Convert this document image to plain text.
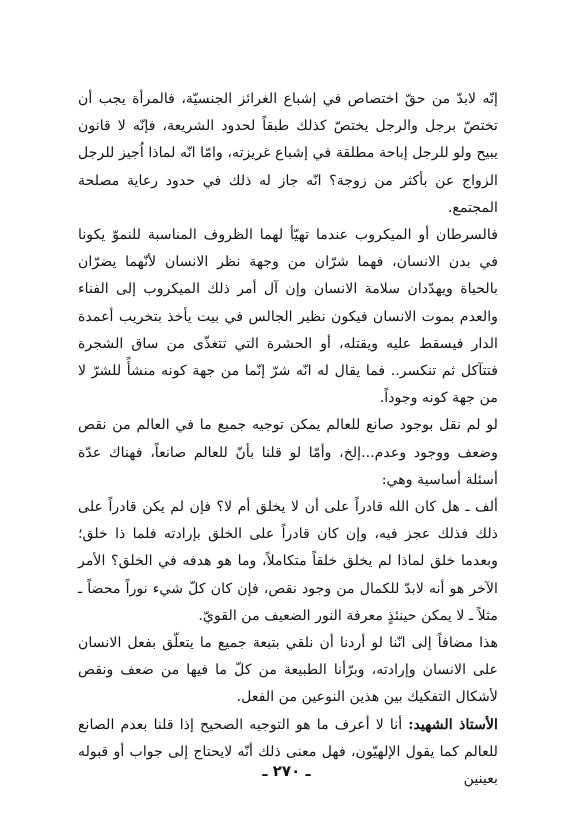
إنّه لابدّ من حقّ اختصاص في إشباع الغرائز الجنسيّة، فالمرأة يجب أن تختصّ برجل والرجل يختصّ كذلك طبقاً لحدود الشريعة، فإنّه لا قانون يبيح ولو للرجل إباحة مطلقة في إشباع غريزته، وامّا انّه لماذا اُجيز للرجل الزواج عن بأكثر من زوجة؟ انّه جاز له ذلك في حدود رعاية مصلحة المجتمع.

فالسرطان أو الميكروب عندما تهيّأ لهما الظروف المناسبة للنموّ يكونا في بدن الانسان، فهما شرّان من وجهة نظر الانسان لأنّهما يضرّان بالحياة ويهدّدان سلامة الانسان وإن آل أمر ذلك الميكروب إلى الفناء والعدم بموت الانسان فيكون نظير الجالس في بيت يأخذ بتخريب أعمدة الدار فيسقط عليه ويقتله، أو الحشرة التي تتغذّى من ساق الشجرة فتتآكل ثم تنكسر.. فما يقال له انّه شرّ إنّما من جهة كونه منشأً للشرّ لا من جهة كونه وجوداً.

لو لم نقل بوجود صانع للعالم يمكن توجيه جميع ما في العالم من نقص وضعف ووجود وعدم...إلخ، وأمّا لو قلنا بأنّ للعالم صانعاً، فهناك عدّة أسئلة أساسية وهي:

ألف ـ هل كان الله قادراً على أن لا يخلق أم لا؟ فإن لم يكن قادراً على ذلك فذلك عجز فيه، وإن كان قادراً على الخلق بإرادته فلما ذا خلق؛ وبعدما خلق لماذا لم يخلق خلقاً متكاملاً، وما هو هدفه في الخلق؟ الأمر الآخر هو أنه لابدّ للكمال من وجود نقص، فإن كان كلّ شيء نوراً محضاً ـ مثلاً ـ لا يمكن حينئذٍ معرفة النور الضعيف من القويّ.

هذا مضافاً إلى انّنا لو أردنا أن نلقي بتبعة جميع ما يتعلّق بفعل الانسان على الانسان وإرادته، وبرّأنا الطبيعة من كلّ ما فيها من ضعف ونقص لأشكال التفكيك بين هذين النوعين من الفعل.

الأستاذ الشهيد: أنا لا أعرف ما هو التوجيه الصحيح إذا قلنا بعدم الصانع للعالم كما يقول الإلهيّون، فهل معنى ذلك أنّه لايحتاج إلى جواب أو قبوله بعينين

ـ ٢٧٠ ـ
